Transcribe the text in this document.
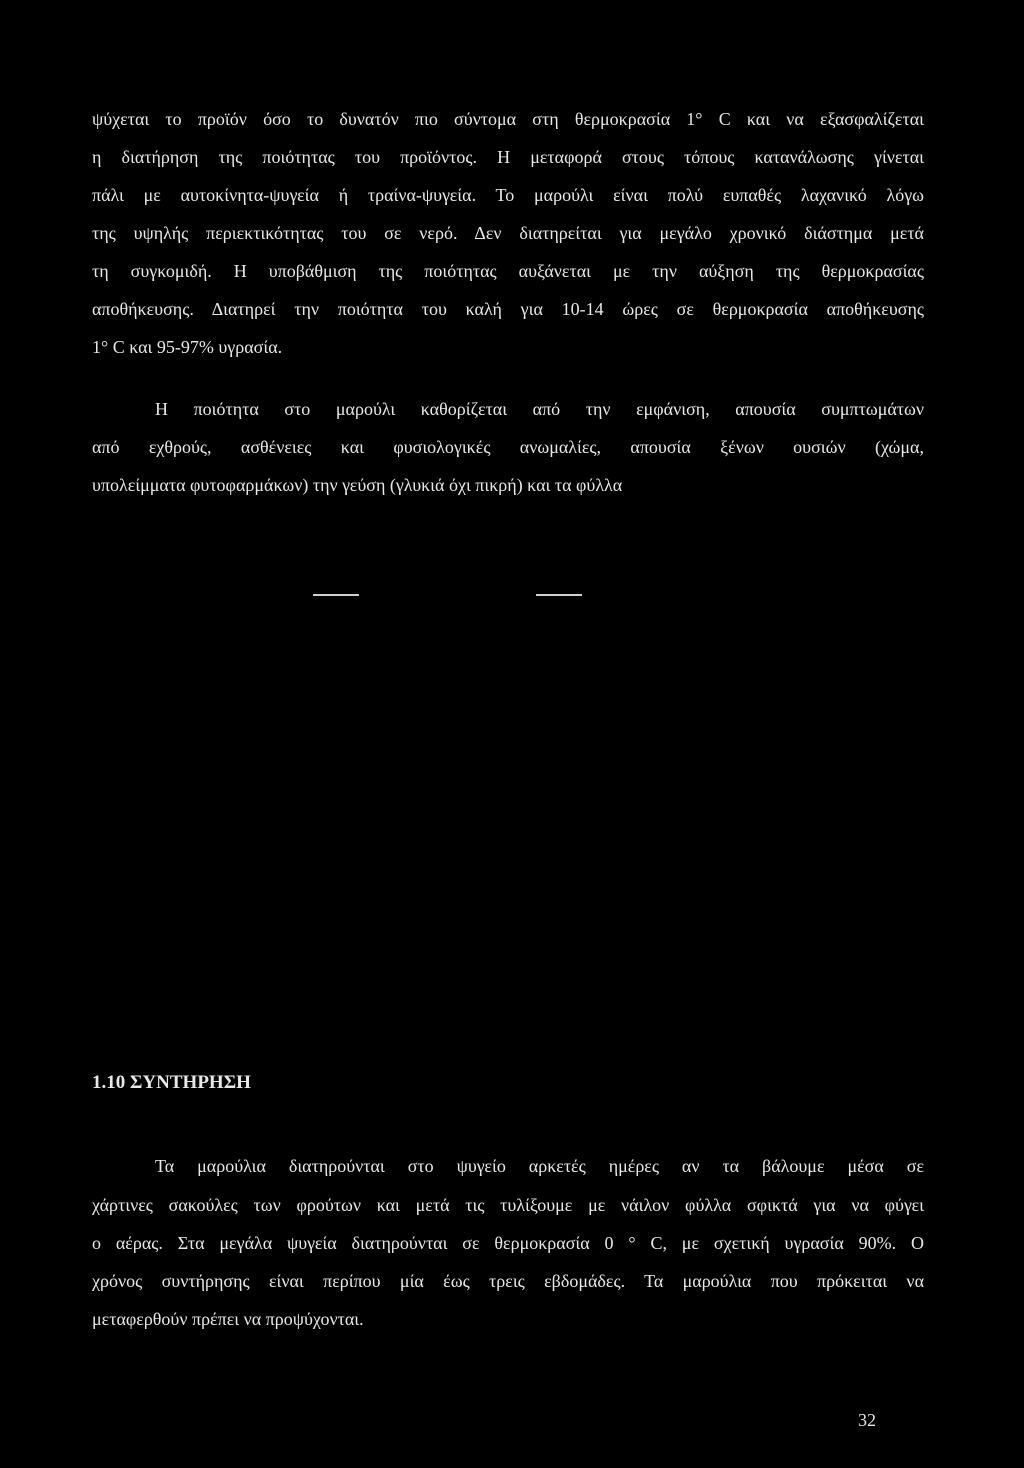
ψύχεται το προϊόν όσο το δυνατόν πιο σύντομα στη θερμοκρασία 1° C και να εξασφαλίζεται
η διατήρηση της ποιότητας του προϊόντος. Η μεταφορά στους τόπους κατανάλωσης γίνεται
πάλι με αυτοκίνητα-ψυγεία ή τραίνα-ψυγεία. Το μαρούλι είναι πολύ ευπαθές λαχανικό λόγω
της υψηλής περιεκτικότητας του σε νερό. Δεν διατηρείται για μεγάλο χρονικό διάστημα μετά
τη συγκομιδή. Η υποβάθμιση της ποιότητας αυξάνεται με την αύξηση της θερμοκρασίας
αποθήκευσης. Διατηρεί την ποιότητα του καλή για 10-14 ώρες σε θερμοκρασία αποθήκευσης
1° C και 95-97% υγρασία.
Η ποιότητα στο μαρούλι καθορίζεται από την εμφάνιση, απουσία συμπτωμάτων
από εχθρούς, ασθένειες και φυσιολογικές ανωμαλίες, απουσία ξένων ουσιών (χώμα,
υπολείμματα φυτοφαρμάκων) την γεύση (γλυκιά όχι πικρή) και τα φύλλα
1.10 ΣΥΝΤΗΡΗΣΗ
Τα μαρούλια διατηρούνται στο ψυγείο αρκετές ημέρες αν τα βάλουμε μέσα σε
χάρτινες σακούλες των φρούτων και μετά τις τυλίξουμε με νάιλον φύλλα σφικτά για να φύγει
ο αέρας. Στα μεγάλα ψυγεία διατηρούνται σε θερμοκρασία 0 ° C, με σχετική υγρασία 90%. Ο
χρόνος συντήρησης είναι περίπου μία έως τρεις εβδομάδες. Τα μαρούλια που πρόκειται να
μεταφερθούν πρέπει να προψύχονται.
32
